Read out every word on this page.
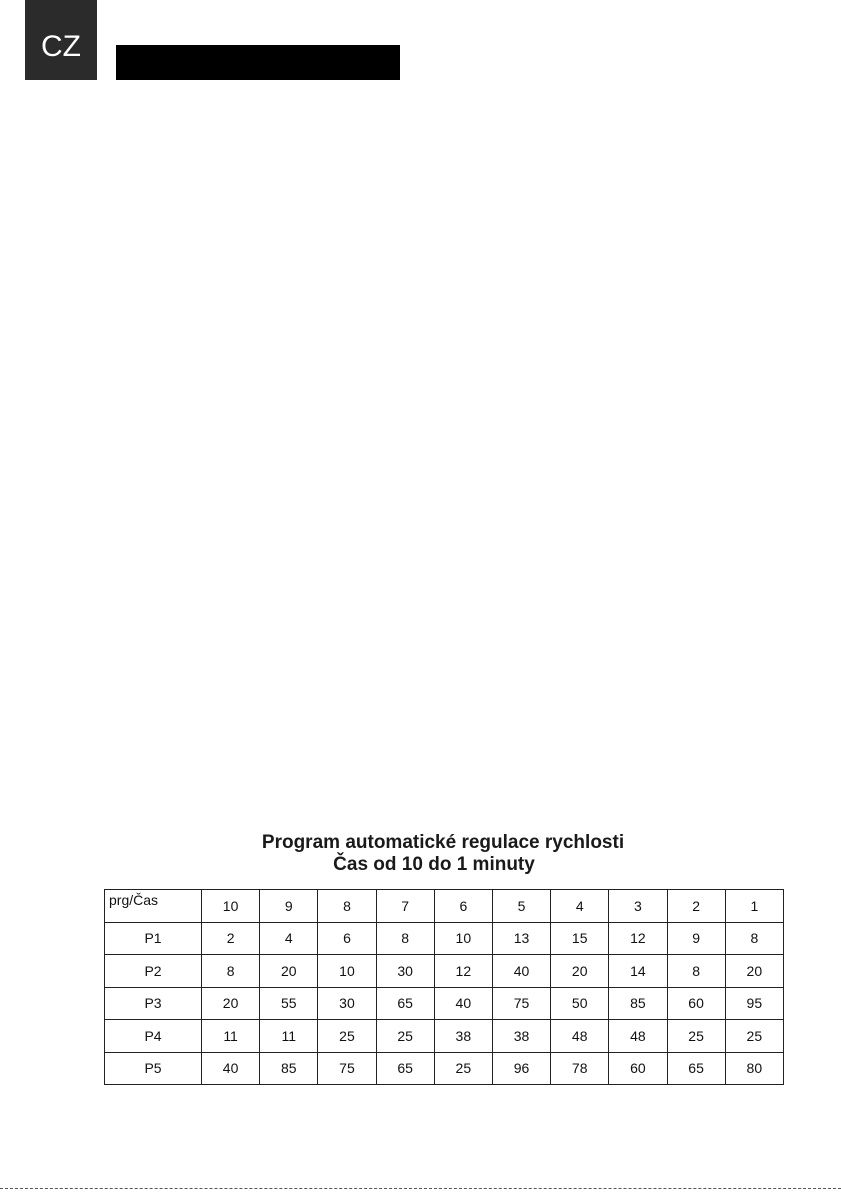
CZ
Program automatické regulace rychlosti
Čas od 10 do 1 minuty
prg/Čas	10	9	8	7	6	5	4	3	2	1
P1	2	4	6	8	10	13	15	12	9	8
P2	8	20	10	30	12	40	20	14	8	20
P3	20	55	30	65	40	75	50	85	60	95
P4	11	11	25	25	38	38	48	48	25	25
P5	40	85	75	65	25	96	78	60	65	80
